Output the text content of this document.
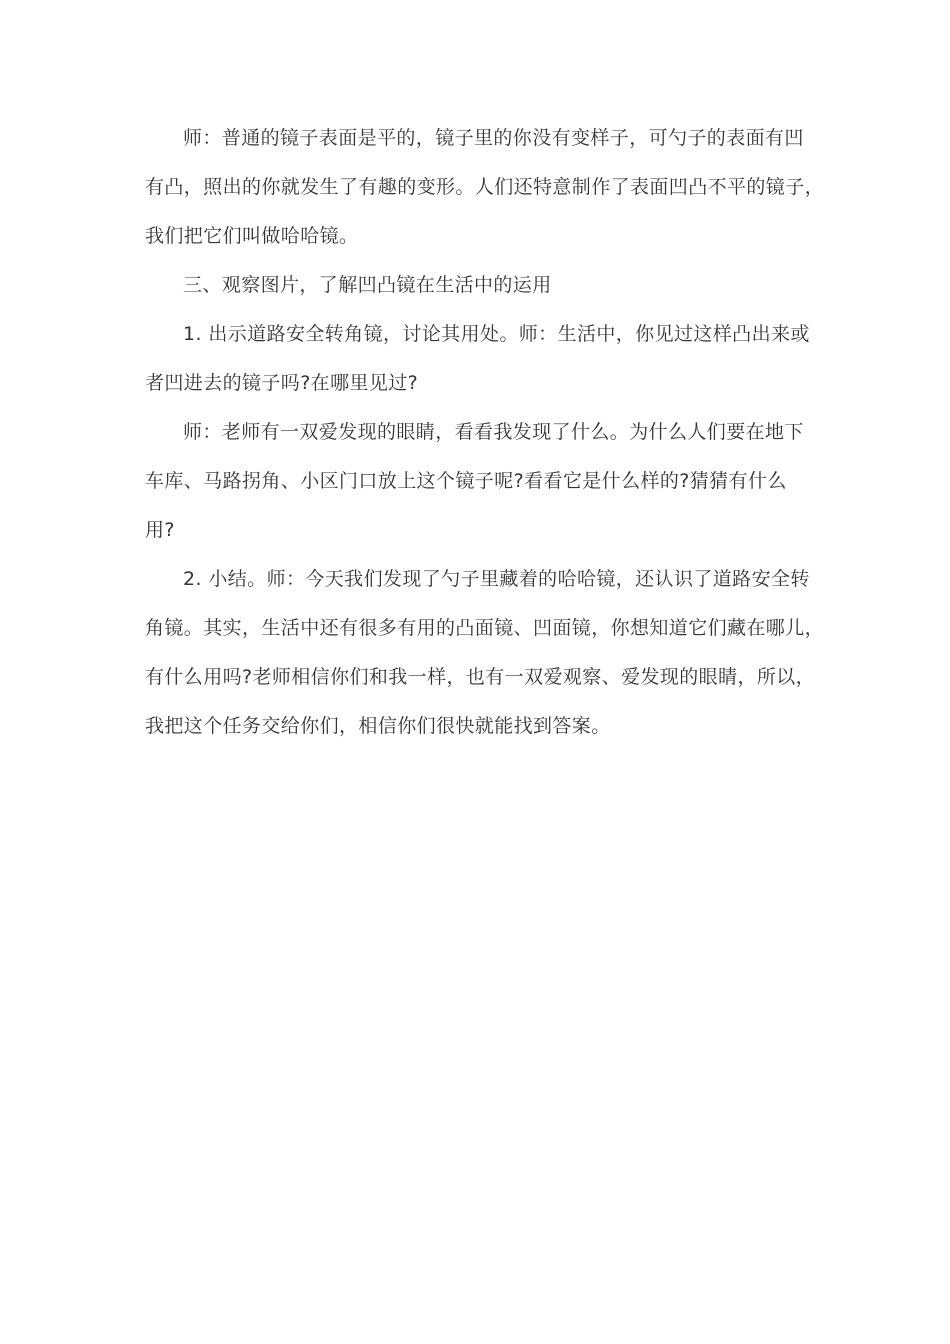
师：普通的镜子表面是平的，镜子里的你没有变样子，可勺子的表面有凹
有凸，照出的你就发生了有趣的变形。人们还特意制作了表面凹凸不平的镜子，
我们把它们叫做哈哈镜。

三、观察图片，了解凹凸镜在生活中的运用

1. 出示道路安全转角镜，讨论其用处。师：生活中，你见过这样凸出来或
者凹进去的镜子吗?在哪里见过?

师：老师有一双爱发现的眼睛，看看我发现了什么。为什么人们要在地下
车库、马路拐角、小区门口放上这个镜子呢?看看它是什么样的?猜猜有什么
用?

2. 小结。师：今天我们发现了勺子里藏着的哈哈镜，还认识了道路安全转
角镜。其实，生活中还有很多有用的凸面镜、凹面镜，你想知道它们藏在哪儿，
有什么用吗?老师相信你们和我一样，也有一双爱观察、爱发现的眼睛，所以，
我把这个任务交给你们，相信你们很快就能找到答案。
